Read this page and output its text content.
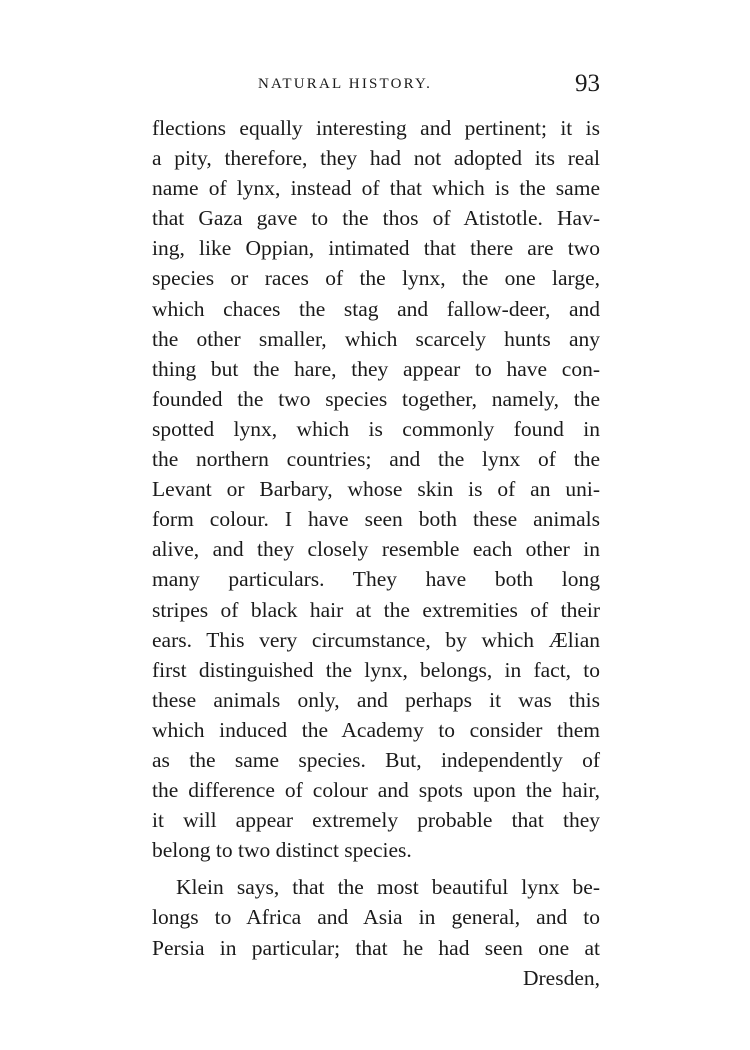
NATURAL HISTORY.	93
flections equally interesting and pertinent; it is
a pity, therefore, they had not adopted its real
name of lynx, instead of that which is the same
that Gaza gave to the thos of Atistotle. Hav-
ing, like Oppian, intimated that there are two
species or races of the lynx, the one large,
which chaces the stag and fallow-deer, and
the other smaller, which scarcely hunts any
thing but the hare, they appear to have con-
founded the two species together, namely, the
spotted lynx, which is commonly found in
the northern countries; and the lynx of the
Levant or Barbary, whose skin is of an uni-
form colour. I have seen both these animals
alive, and they closely resemble each other in
many particulars. They have both long
stripes of black hair at the extremities of their
ears. This very circumstance, by which Ælian
first distinguished the lynx, belongs, in fact, to
these animals only, and perhaps it was this
which induced the Academy to consider them
as the same species. But, independently of
the difference of colour and spots upon the hair,
it will appear extremely probable that they
belong to two distinct species.
Klein says, that the most beautiful lynx be-
longs to Africa and Asia in general, and to
Persia in particular; that he had seen one at
Dresden,
